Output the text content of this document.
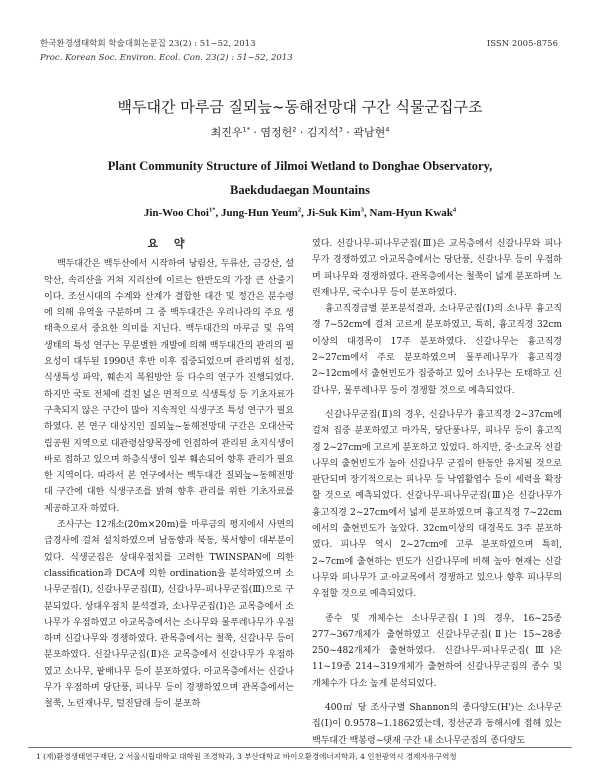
한국환경생태학회 학술대회논문집 23(2) : 51~52, 2013	ISSN 2005-8756
Proc. Korean Soc. Environ. Ecol. Con. 23(2) : 51~52, 2013
백두대간 마루금 질뫼늪~동해전망대 구간 식물군집구조
최진우$^{1*}$ · 염정헌$^2$ · 김지석$^3$ · 곽남현$^4$
Plant Community Structure of Jilmoi Wetland to Donghae Observatory,
Baekdudaegan Mountains
Jin-Woo Choi$^{1*}$, Jung-Hun Yeum$^2$, Ji-Suk Kim$^3$, Nam-Hyun Kwak$^4$

요 약

백두대간은 백두산에서 시작하여 낭림산, 두류산, 금강산, 설악산, 속리산을 거쳐 지리산에 이르는 한반도의 가장 큰 산줄기이다. 조선시대의 수계와 산계가 결합한 대간 및 정간은 분수령에 의해 유역을 구분하며 그 중 백두대간은 우리나라의 주요 생태축으로서 중요한 의미를 지닌다. 백두대간의 마루금 및 유역 생태의 특성 연구는 무분별한 개발에 의해 백두대간의 관리의 필요성이 대두된 1990년 후반 이후 집중되었으며 관리범위 설정, 식생특성 파악, 훼손지 복원방안 등 다수의 연구가 진행되었다. 하지만 국토 전체에 걸친 넓은 면적으로 식생특성 등 기초자료가 구축되지 않은 구간이 많아 지속적인 식생구조 특성 연구가 필요하였다. 본 연구 대상지인 질뫼늪~동해전망대 구간은 오대산국립공원 지역으로 대관령삼양목장에 인접하여 관리된 초지식생이 바로 접하고 있으며 하층식생이 일부 훼손되어 향후 관리가 필요한 지역이다. 따라서 본 연구에서는 백두대간 질뫼늪~동해전망대 구간에 대한 식생구조를 밝혀 향후 관리를 위한 기초자료를 제공하고자 하였다.

조사구는 12개소(20m×20m)를 마루금의 평지에서 사면의 급경사에 걸쳐 설치하였으며 남동향과 북동, 북서향이 대부분이었다. 식생군집은 상대우점치를 고려한 TWINSPAN에 의한 classification과 DCA에 의한 ordination을 분석하였으며 소나무군집(Ⅰ), 신갈나무군집(Ⅱ), 신갈나무-피나무군집(Ⅲ)으로 구분되었다. 상대우점치 분석결과, 소나무군집(Ⅰ)은 교목층에서 소나무가 우점하였고 아교목층에서는 소나무와 물푸레나무가 우점하며 신갈나무와 경쟁하였다. 관목층에서는 철쭉, 신갈나무 등이 분포하였다. 신갈나무군집(Ⅱ)은 교목층에서 신갈나무가 우점하였고 소나무, 팥배나무 등이 분포하였다. 아교목층에서는 신갈나무가 우점하며 당단풍, 피나무 등이 경쟁하였으며 관목층에서는 철쭉, 노린재나무, 털진달래 등이 분포하

였다. 신갈나무-피나무군집(Ⅲ)은 교목층에서 신갈나무와 피나무가 경쟁하였고 아교목층에서는 당단풍, 신갈나무 등이 우점하며 피나무와 경쟁하였다. 관목층에서는 철쭉이 넓게 분포하며 노린재나무, 국수나무 등이 분포하였다.

흉고직경급별 분포분석결과, 소나무군집(Ⅰ)의 소나무 흉고직경 7~52cm에 걸쳐 고르게 분포하였고, 특히, 흉고직경 32cm 이상의 대경목이 17주 분포하였다. 신갈나무는 흉고직경 2~27cm에서 주로 분포하였으며 물푸레나무가 흉고직경 2~12cm에서 출현빈도가 집중하고 있어 소나무는 도태하고 신갈나무, 물푸레나무 등이 경쟁할 것으로 예측되었다.

신갈나무군집(Ⅱ)의 경우, 신갈나무가 흉고직경 2~37cm에 걸쳐 집중 분포하였고 마가목, 당단풍나무, 피나무 등이 흉고직경 2~27cm에 고르게 분포하고 있었다. 하지만, 중·소교목 신갈나무의 출현빈도가 높아 신갈나무 군집이 한동안 유지될 것으로 판단되며 장기적으로는 피나무 등 낙엽활엽수 등이 세력을 확장할 것으로 예측되었다. 신갈나무-피나무군집(Ⅲ)은 신갈나무가 흉고직경 2~27cm에서 넓게 분포하였으며 흉고직경 7~22cm에서의 출현빈도가 높았다. 32cm이상의 대경목도 3주 분포하였다. 피나무 역시 2~27cm에 고루 분포하였으며 특히, 2~7cm에 출현하는 빈도가 신갈나무에 비해 높아 현재는 신갈나무와 피나무가 교·아교목에서 경쟁하고 있으나 향후 피나무의 우점할 것으로 예측되었다.

종수 및 개체수는 소나무군집(Ⅰ)의 경우, 16~25종 277~367개체가 출현하였고 신갈나무군집(Ⅱ)는 15~28종 250~482개체가 출현하였다. 신갈나무-피나무군집(Ⅲ)은 11~19종 214~319개체가 출현하여 신갈나무군집의 종수 및 개체수가 다소 높게 분석되었다.

400㎡ 당 조사구별 Shannon의 종다양도(H')는 소나무군집(Ⅰ)이 0.9578~1.1862였는데, 정선군과 동해시에 접해 있는 백두대간 백봉령~댓재 구간 내 소나무군집의 종다양도

1 (재)환경생태연구재단, 2 서울시립대학교 대학원 조경학과, 3 부산대학교 바이오환경에너지학과, 4 인천광역시 경제자유구역청
